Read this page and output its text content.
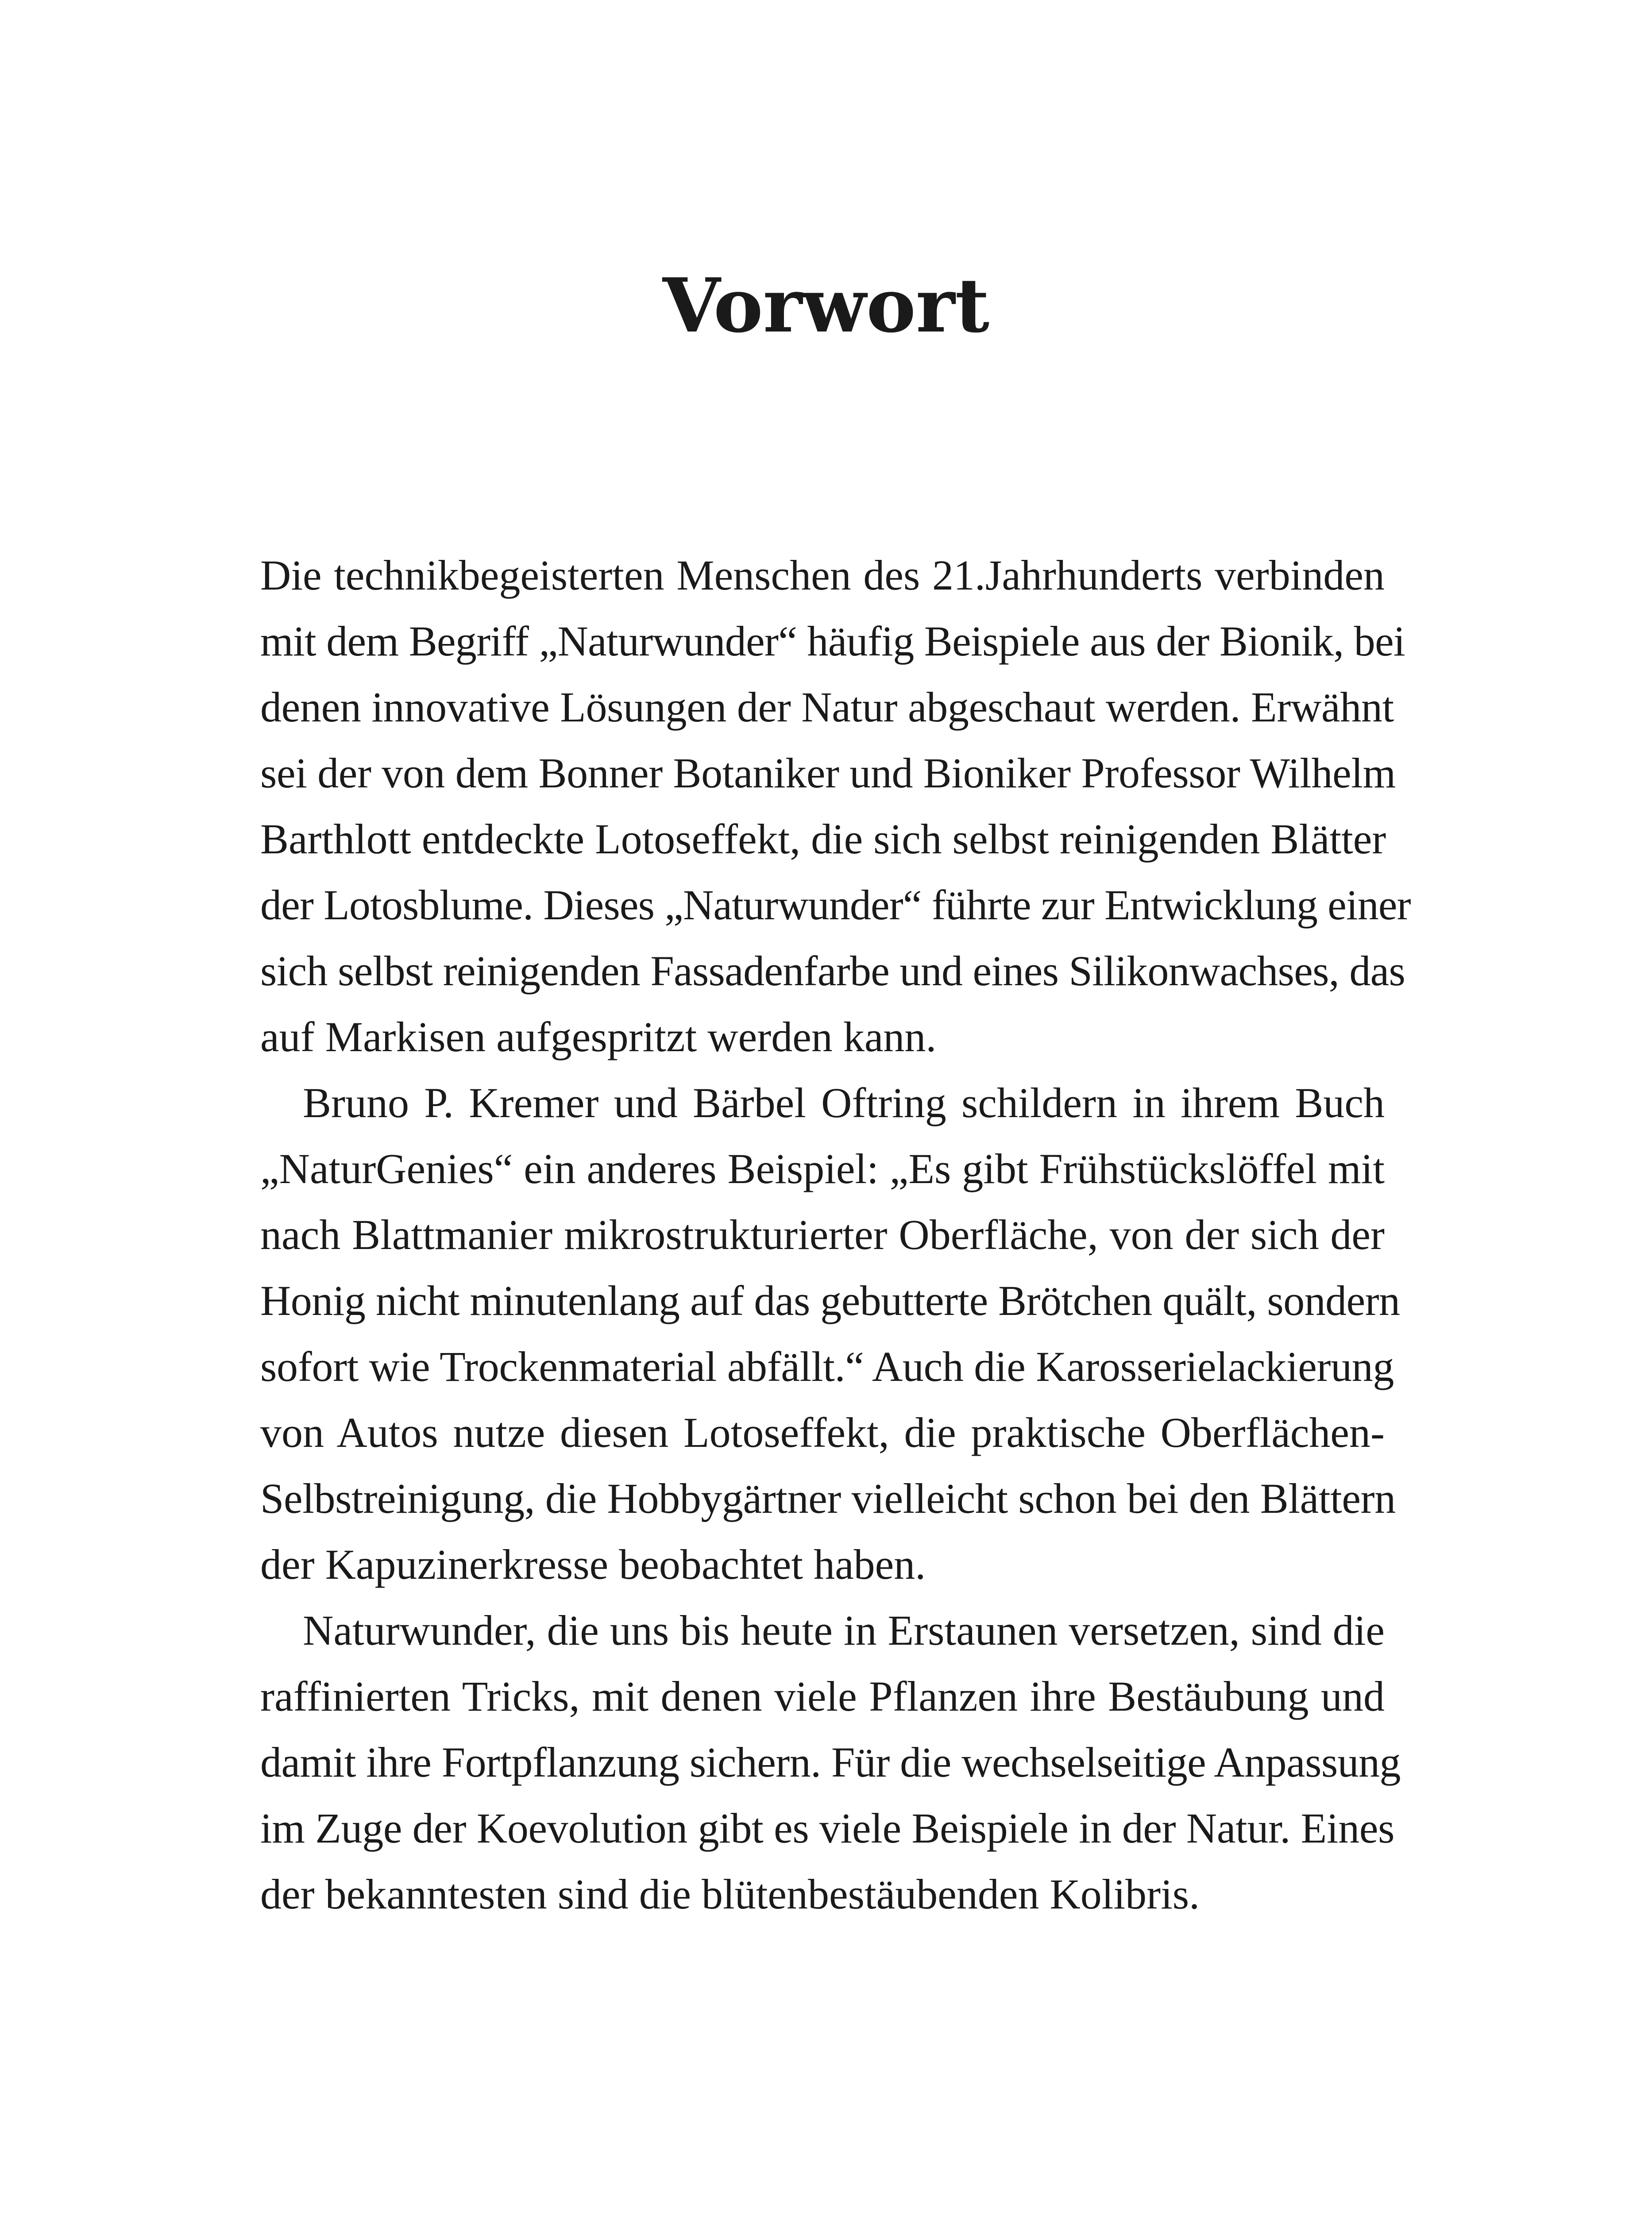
Vorwort

Die technikbegeisterten Menschen des 21.Jahrhunderts verbinden
mit dem Begriff „Naturwunder“ häufig Beispiele aus der Bionik, bei
denen innovative Lösungen der Natur abgeschaut werden. Erwähnt
sei der von dem Bonner Botaniker und Bioniker Professor Wilhelm
Barthlott entdeckte Lotoseffekt, die sich selbst reinigenden Blätter
der Lotosblume. Dieses „Naturwunder“ führte zur Entwicklung einer
sich selbst reinigenden Fassadenfarbe und eines Silikonwachses, das
auf Markisen aufgespritzt werden kann.

Bruno P. Kremer und Bärbel Oftring schildern in ihrem Buch
„NaturGenies“ ein anderes Beispiel: „Es gibt Frühstückslöffel mit
nach Blattmanier mikrostrukturierter Oberfläche, von der sich der
Honig nicht minutenlang auf das gebutterte Brötchen quält, sondern
sofort wie Trockenmaterial abfällt.“ Auch die Karosserielackierung
von Autos nutze diesen Lotoseffekt, die praktische Oberflächen-
Selbstreinigung, die Hobbygärtner vielleicht schon bei den Blättern
der Kapuzinerkresse beobachtet haben.

Naturwunder, die uns bis heute in Erstaunen versetzen, sind die
raffinierten Tricks, mit denen viele Pflanzen ihre Bestäubung und
damit ihre Fortpflanzung sichern. Für die wechselseitige Anpassung
im Zuge der Koevolution gibt es viele Beispiele in der Natur. Eines
der bekanntesten sind die blütenbestäubenden Kolibris.
